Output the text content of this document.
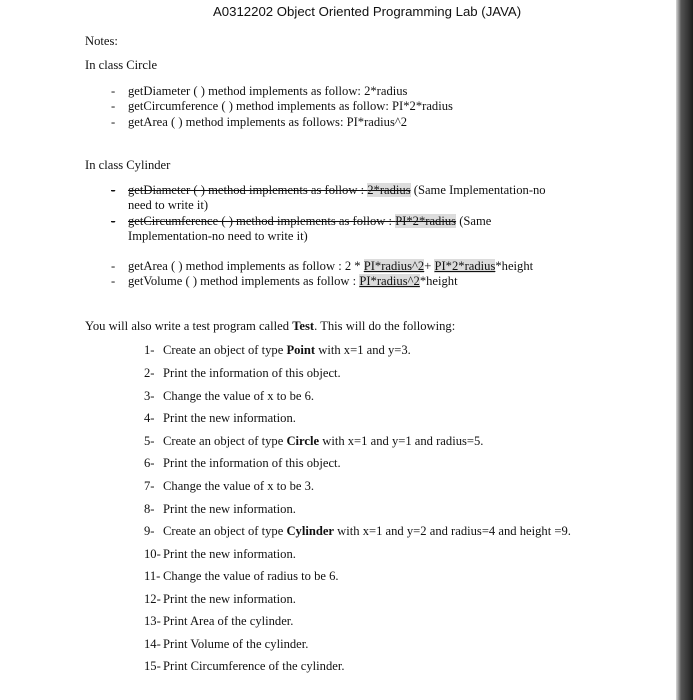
A0312202 Object Oriented Programming Lab (JAVA)
Notes:
In class Circle
- getDiameter ( ) method implements as follow: 2*radius
- getCircumference ( ) method implements as follow: PI*2*radius
- getArea ( ) method implements as follows: PI*radius^2
In class Cylinder
- getDiameter ( ) method implements as follow : 2*radius (Same Implementation-no
need to write it)
- getCircumference ( ) method implements as follow : PI*2*radius (Same
Implementation-no need to write it)
- getArea ( ) method implements as follow : 2 * PI*radius^2+ PI*2*radius*height
- getVolume ( ) method implements as follow : PI*radius^2*height
You will also write a test program called Test. This will do the following:
1- Create an object of type Point with x=1 and y=3.
2- Print the information of this object.
3- Change the value of x to be 6.
4- Print the new information.
5- Create an object of type Circle with x=1 and y=1 and radius=5.
6- Print the information of this object.
7- Change the value of x to be 3.
8- Print the new information.
9- Create an object of type Cylinder with x=1 and y=2 and radius=4 and height =9.
10- Print the new information.
11- Change the value of radius to be 6.
12- Print the new information.
13- Print Area of the cylinder.
14- Print Volume of the cylinder.
15- Print Circumference of the cylinder.
